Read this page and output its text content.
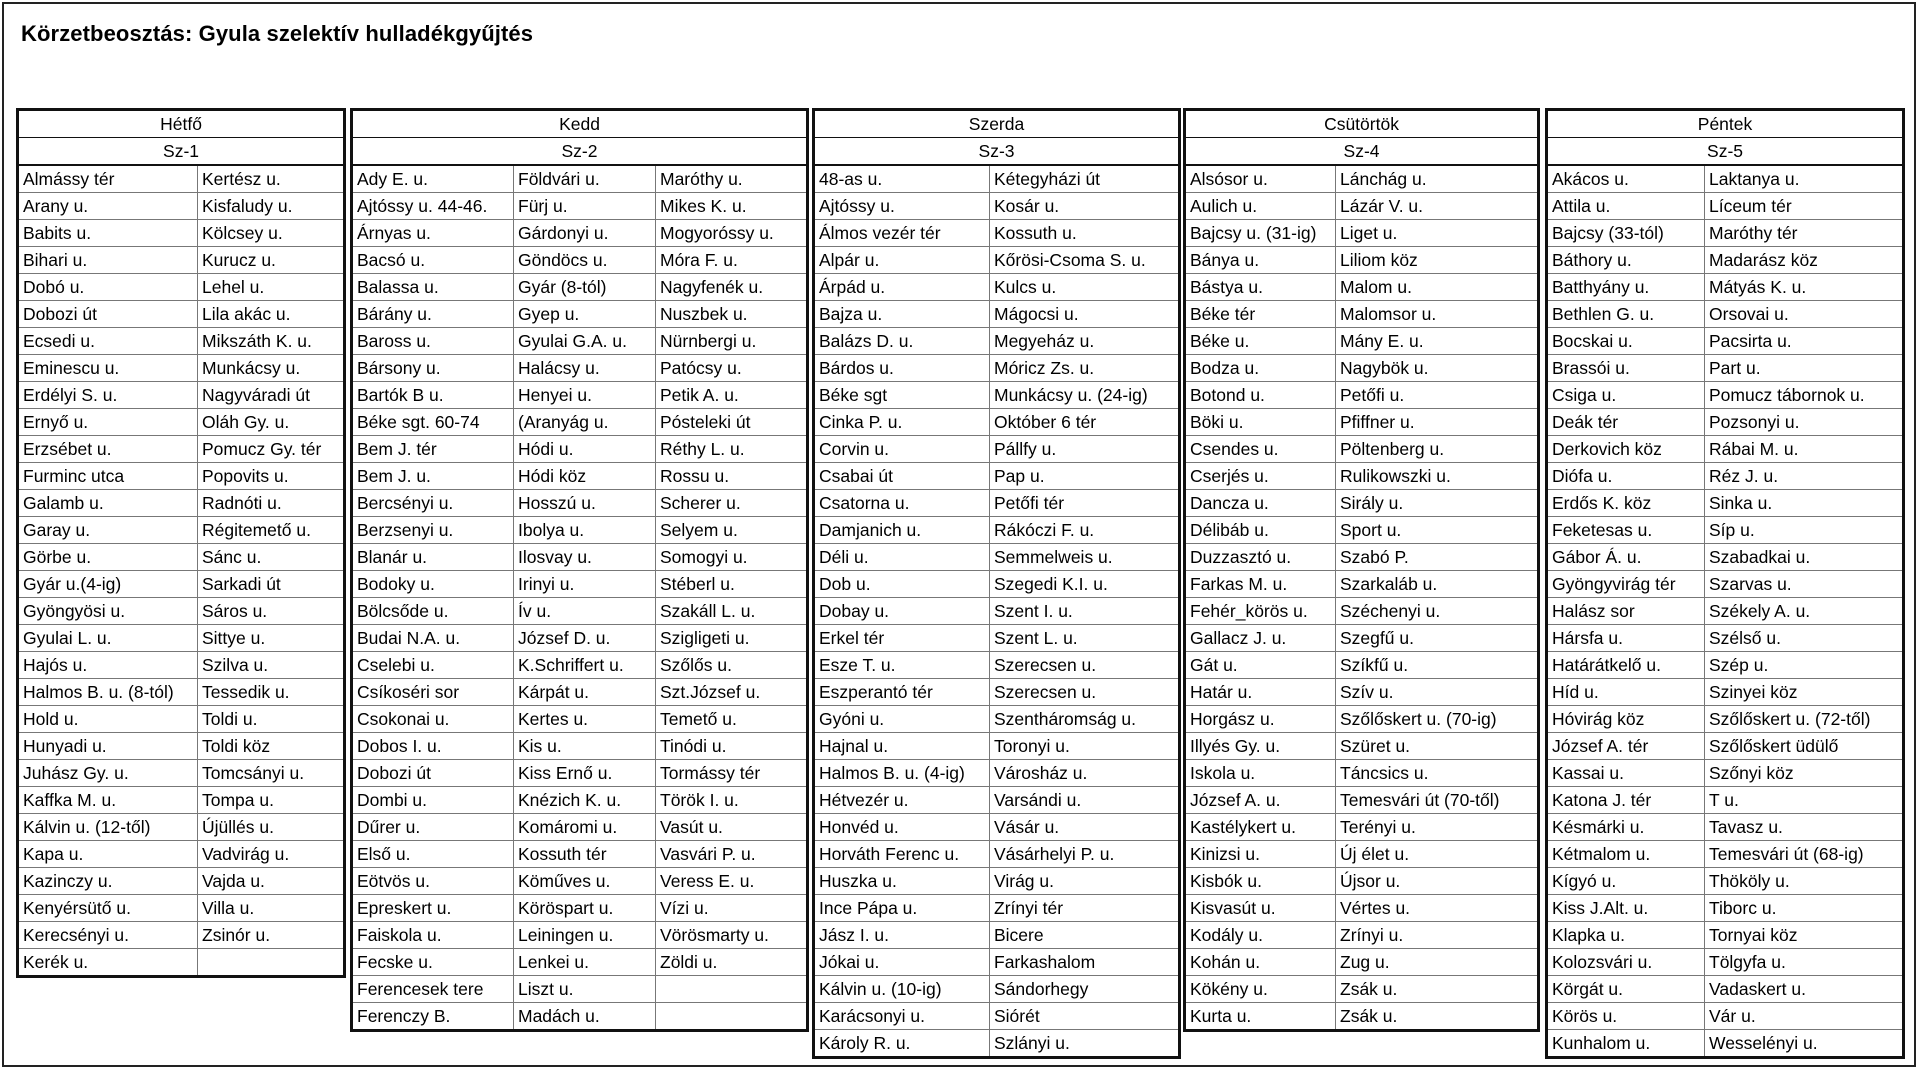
Körzetbeosztás: Gyula szelektív hulladékgyűjtés
Hétfő	
Sz-1	
Almássy tér	Kertész u.
Arany u.	Kisfaludy u.
Babits u.	Kölcsey u.
Bihari u.	Kurucz u.
Dobó u.	Lehel u.
Dobozi út	Lila akác u.
Ecsedi u.	Mikszáth K. u.
Eminescu u.	Munkácsy u.
Erdélyi S. u.	Nagyváradi út
Ernyő u.	Oláh Gy. u.
Erzsébet u.	Pomucz Gy. tér
Furminc utca	Popovits u.
Galamb u.	Radnóti u.
Garay u.	Régitemető u.
Görbe u.	Sánc u.
Gyár u.(4-ig)	Sarkadi út
Gyöngyösi u.	Sáros u.
Gyulai L. u.	Sittye u.
Hajós u.	Szilva u.
Halmos B. u. (8-tól)	Tessedik u.
Hold u.	Toldi u.
Hunyadi u.	Toldi köz
Juhász Gy. u.	Tomcsányi u.
Kaffka M. u.	Tompa u.
Kálvin u. (12-től)	Újüllés u.
Kapa u.	Vadvirág u.
Kazinczy u.	Vajda u.
Kenyérsütő u.	Villa u.
Kerecsényi u.	Zsinór u.
Kerék u.	
Kedd		
Sz-2		
Ady E. u.	Földvári u.	Maróthy u.
Ajtóssy u. 44-46.	Fürj u.	Mikes K. u.
Árnyas u.	Gárdonyi u.	Mogyoróssy u.
Bacsó u.	Göndöcs u.	Móra F. u.
Balassa u.	Gyár (8-tól)	Nagyfenék u.
Bárány u.	Gyep u.	Nuszbek u.
Baross u.	Gyulai G.A. u.	Nürnbergi u.
Bársony u.	Halácsy u.	Patócsy u.
Bartók B u.	Henyei u.	Petik A. u.
Béke sgt. 60-74	(Aranyág u.	Pósteleki út
Bem J. tér	Hódi u.	Réthy L. u.
Bem J. u.	Hódi köz	Rossu u.
Bercsényi u.	Hosszú u.	Scherer u.
Berzsenyi u.	Ibolya u.	Selyem u.
Blanár u.	Ilosvay u.	Somogyi u.
Bodoky u.	Irinyi u.	Stéberl u.
Bölcsőde u.	Ív u.	Szakáll L. u.
Budai N.A. u.	József D. u.	Szigligeti u.
Cselebi u.	K.Schriffert u.	Szőlős u.
Csíkoséri sor	Kárpát u.	Szt.József u.
Csokonai u.	Kertes u.	Temető u.
Dobos I. u.	Kis u.	Tinódi u.
Dobozi út	Kiss Ernő u.	Tormássy tér
Dombi u.	Knézich K. u.	Török I. u.
Dűrer u.	Komáromi u.	Vasút u.
Első u.	Kossuth tér	Vasvári P. u.
Eötvös u.	Köműves u.	Veress E. u.
Epreskert u.	Köröspart u.	Vízi u.
Faiskola u.	Leiningen u.	Vörösmarty u.
Fecske u.	Lenkei u.	Zöldi u.
Ferencesek tere	Liszt u.	
Ferenczy B.	Madách u.	
Szerda	
Sz-3	
48-as u.	Kétegyházi út
Ajtóssy u.	Kosár u.
Álmos vezér tér	Kossuth u.
Alpár u.	Kőrösi-Csoma S. u.
Árpád u.	Kulcs u.
Bajza u.	Mágocsi u.
Balázs D. u.	Megyeház u.
Bárdos u.	Móricz Zs. u.
Béke sgt	Munkácsy u. (24-ig)
Cinka P. u.	Október 6 tér
Corvin u.	Pállfy u.
Csabai út	Pap u.
Csatorna u.	Petőfi tér
Damjanich u.	Rákóczi F. u.
Déli u.	Semmelweis u.
Dob u.	Szegedi K.I. u.
Dobay u.	Szent I. u.
Erkel tér	Szent L. u.
Esze T. u.	Szerecsen u.
Eszperantó tér	Szerecsen u.
Gyóni u.	Szentháromság u.
Hajnal u.	Toronyi u.
Halmos B. u. (4-ig)	Városház u.
Hétvezér u.	Varsándi u.
Honvéd u.	Vásár u.
Horváth Ferenc u.	Vásárhelyi P. u.
Huszka u.	Virág u.
Ince Pápa u.	Zrínyi tér
Jász I. u.	Bicere
Jókai u.	Farkashalom
Kálvin u. (10-ig)	Sándorhegy
Karácsonyi u.	Siórét
Károly R. u.	Szlányi u.
Csütörtök	
Sz-4	
Alsósor u.	Lánchág u.
Aulich u.	Lázár V. u.
Bajcsy u. (31-ig)	Liget u.
Bánya u.	Liliom köz
Bástya u.	Malom u.
Béke tér	Malomsor u.
Béke u.	Mány E. u.
Bodza u.	Nagybök u.
Botond u.	Petőfi u.
Böki u.	Pfiffner u.
Csendes u.	Pöltenberg u.
Cserjés u.	Rulikowszki u.
Dancza u.	Sirály u.
Délibáb u.	Sport u.
Duzzasztó u.	Szabó P.
Farkas M. u.	Szarkaláb u.
Fehér_körös u.	Széchenyi u.
Gallacz J. u.	Szegfű u.
Gát u.	Szíkfű u.
Határ u.	Szív u.
Horgász u.	Szőlőskert u. (70-ig)
Illyés Gy. u.	Szüret u.
Iskola u.	Táncsics u.
József A. u.	Temesvári út (70-től)
Kastélykert u.	Terényi u.
Kinizsi u.	Új élet u.
Kisbók u.	Újsor u.
Kisvasút u.	Vértes u.
Kodály u.	Zrínyi u.
Kohán u.	Zug u.
Kökény u.	Zsák u.
Kurta u.	Zsák u.
Péntek	
Sz-5	
Akácos u.	Laktanya u.
Attila u.	Líceum tér
Bajcsy (33-tól)	Maróthy tér
Báthory u.	Madarász köz
Batthyány u.	Mátyás K. u.
Bethlen G. u.	Orsovai u.
Bocskai u.	Pacsirta u.
Brassói u.	Part u.
Csiga u.	Pomucz tábornok u.
Deák tér	Pozsonyi u.
Derkovich köz	Rábai M. u.
Diófa u.	Réz J. u.
Erdős K. köz	Sinka u.
Feketesas u.	Síp u.
Gábor Á. u.	Szabadkai u.
Gyöngyvirág tér	Szarvas u.
Halász sor	Székely A. u.
Hársfa u.	Szélső u.
Határátkelő u.	Szép u.
Híd u.	Szinyei köz
Hóvirág köz	Szőlőskert u. (72-től)
József A. tér	Szőlőskert üdülő
Kassai u.	Szőnyi köz
Katona J. tér	T u.
Késmárki u.	Tavasz u.
Kétmalom u.	Temesvári út (68-ig)
Kígyó u.	Thököly u.
Kiss J.Alt. u.	Tiborc u.
Klapka u.	Tornyai köz
Kolozsvári u.	Tölgyfa u.
Körgát u.	Vadaskert u.
Körös u.	Vár u.
Kunhalom u.	Wesselényi u.
